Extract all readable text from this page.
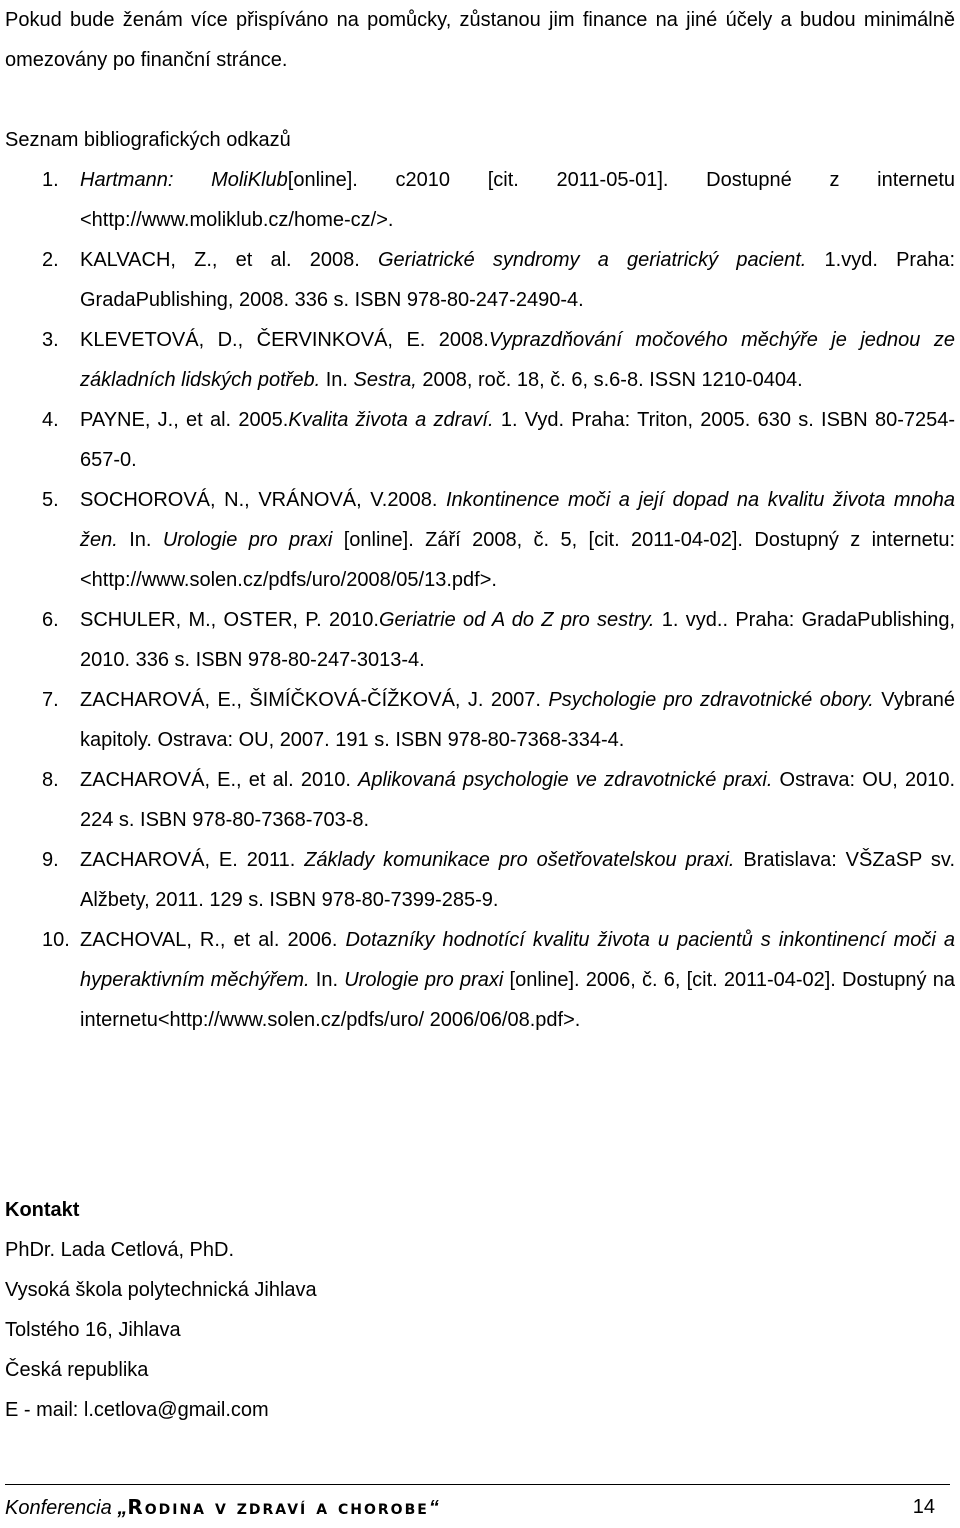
Pokud bude ženám více přispíváno na pomůcky, zůstanou jim finance na jiné účely a budou minimálně omezovány po finanční stránce.

Seznam bibliografických odkazů
1. Hartmann: MoliKlub[online]. c2010 [cit. 2011-05-01]. Dostupné z internetu <http://www.moliklub.cz/home-cz/>.
2. KALVACH, Z., et al. 2008. Geriatrické syndromy a geriatrický pacient. 1.vyd. Praha: GradaPublishing, 2008. 336 s. ISBN 978-80-247-2490-4.
3. KLEVETOVÁ, D., ČERVINKOVÁ, E. 2008.Vyprazdňování močového měchýře je jednou ze základních lidských potřeb. In. Sestra, 2008, roč. 18, č. 6, s.6-8. ISSN 1210-0404.
4. PAYNE, J., et al. 2005.Kvalita života a zdraví. 1. Vyd. Praha: Triton, 2005. 630 s. ISBN 80-7254-657-0.
5. SOCHOROVÁ, N., VRÁNOVÁ, V.2008. Inkontinence moči a její dopad na kvalitu života mnoha žen. In. Urologie pro praxi [online]. Září 2008, č. 5, [cit. 2011-04-02]. Dostupný z internetu: <http://www.solen.cz/pdfs/uro/2008/05/13.pdf>.
6. SCHULER, M., OSTER, P. 2010.Geriatrie od A do Z pro sestry. 1. vyd.. Praha: GradaPublishing, 2010. 336 s. ISBN 978-80-247-3013-4.
7. ZACHAROVÁ, E., ŠIMÍČKOVÁ-ČÍŽKOVÁ, J. 2007. Psychologie pro zdravotnické obory. Vybrané kapitoly. Ostrava: OU, 2007. 191 s. ISBN 978-80-7368-334-4.
8. ZACHAROVÁ, E., et al. 2010. Aplikovaná psychologie ve zdravotnické praxi. Ostrava: OU, 2010. 224 s. ISBN 978-80-7368-703-8.
9. ZACHAROVÁ, E. 2011. Základy komunikace pro ošetřovatelskou praxi. Bratislava: VŠZaSP sv. Alžbety, 2011. 129 s. ISBN 978-80-7399-285-9.
10. ZACHOVAL, R., et al. 2006. Dotazníky hodnotící kvalitu života u pacientů s inkontinencí moči a hyperaktivním měchýřem. In. Urologie pro praxi [online]. 2006, č. 6, [cit. 2011-04-02]. Dostupný na internetu<http://www.solen.cz/pdfs/uro/ 2006/06/08.pdf>.
Kontakt
PhDr. Lada Cetlová, PhD.
Vysoká škola polytechnická Jihlava
Tolstého 16, Jihlava
Česká republika
E - mail: l.cetlova@gmail.com
Konferencia „Rodina v zdraví a chorobe“	14
